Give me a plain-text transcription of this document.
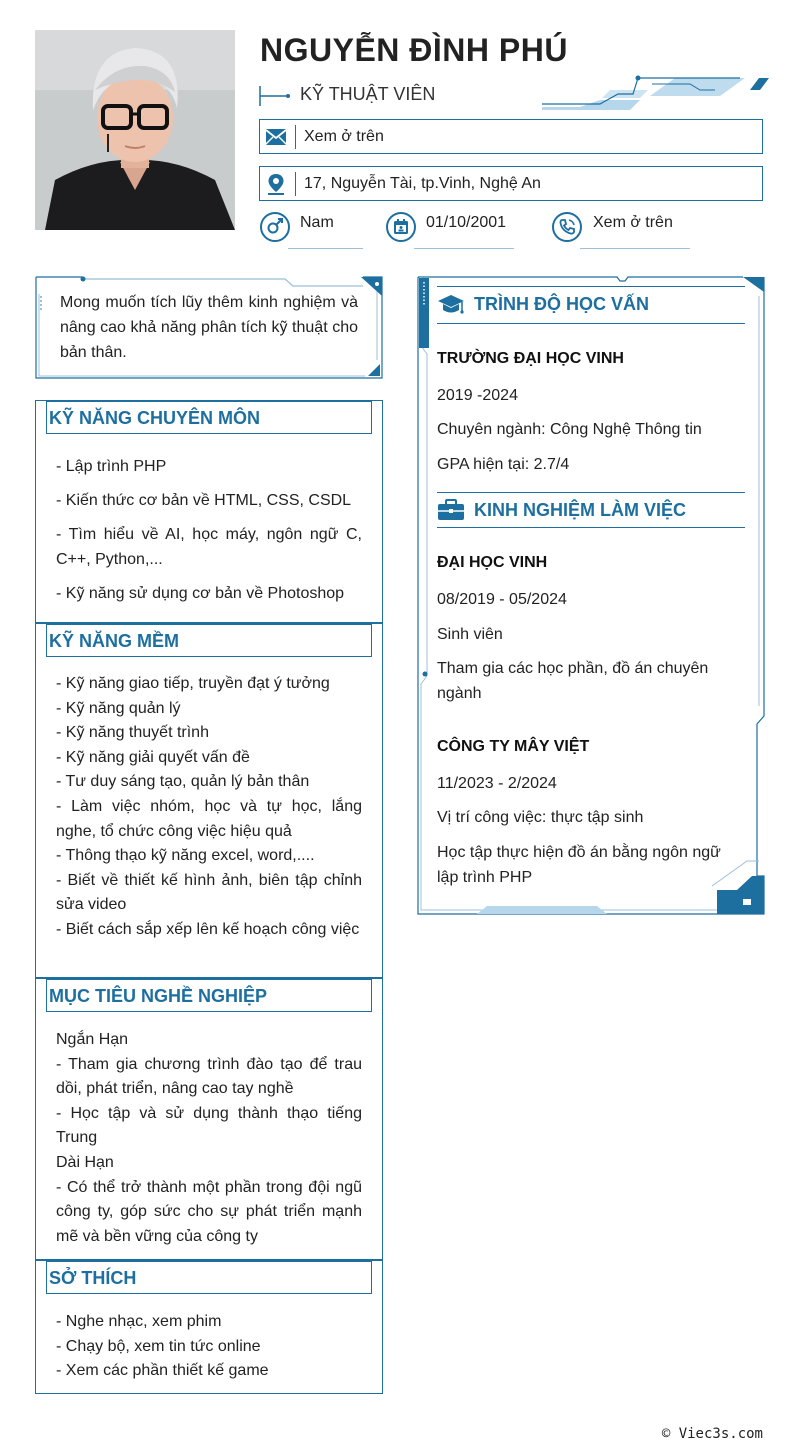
NGUYỄN ĐÌNH PHÚ
KỸ THUẬT VIÊN
Xem ở trên
17, Nguyễn Tài, tp.Vinh, Nghệ An
Nam	01/10/2001	Xem ở trên
Mong muốn tích lũy thêm kinh nghiệm và nâng cao khả năng phân tích kỹ thuật cho bản thân.
KỸ NĂNG CHUYÊN MÔN
- Lập trình PHP
- Kiến thức cơ bản về HTML, CSS, CSDL
- Tìm hiểu về AI, học máy, ngôn ngữ C, C++, Python,...
- Kỹ năng sử dụng cơ bản về Photoshop
KỸ NĂNG MỀM
- Kỹ năng giao tiếp, truyền đạt ý tưởng
- Kỹ năng quản lý
- Kỹ năng thuyết trình
- Kỹ năng giải quyết vấn đề
- Tư duy sáng tạo, quản lý bản thân
- Làm việc nhóm, học và tự học, lắng nghe, tổ chức công việc hiệu quả
- Thông thạo kỹ năng excel, word,....
- Biết về thiết kế hình ảnh, biên tập chỉnh sửa video
- Biết cách sắp xếp lên kế hoạch công việc
MỤC TIÊU NGHỀ NGHIỆP
Ngắn Hạn
- Tham gia chương trình đào tạo để trau dồi, phát triển, nâng cao tay nghề
- Học tập và sử dụng thành thạo tiếng Trung
Dài Hạn
- Có thể trở thành một phần trong đội ngũ công ty, góp sức cho sự phát triển mạnh mẽ và bền vững của công ty
SỞ THÍCH
- Nghe nhạc, xem phim
- Chạy bộ, xem tin tức online
- Xem các phần thiết kế game
TRÌNH ĐỘ HỌC VẤN
TRƯỜNG ĐẠI HỌC VINH
2019 -2024
Chuyên ngành: Công Nghệ Thông tin
GPA hiện tại: 2.7/4
KINH NGHIỆM LÀM VIỆC
ĐẠI HỌC VINH
08/2019 - 05/2024
Sinh viên
Tham gia các học phần, đồ án chuyên ngành
CÔNG TY MÂY VIỆT
11/2023 - 2/2024
Vị trí công việc: thực tập sinh
Học tập thực hiện đồ án bằng ngôn ngữ lập trình PHP
© Viec3s.com
